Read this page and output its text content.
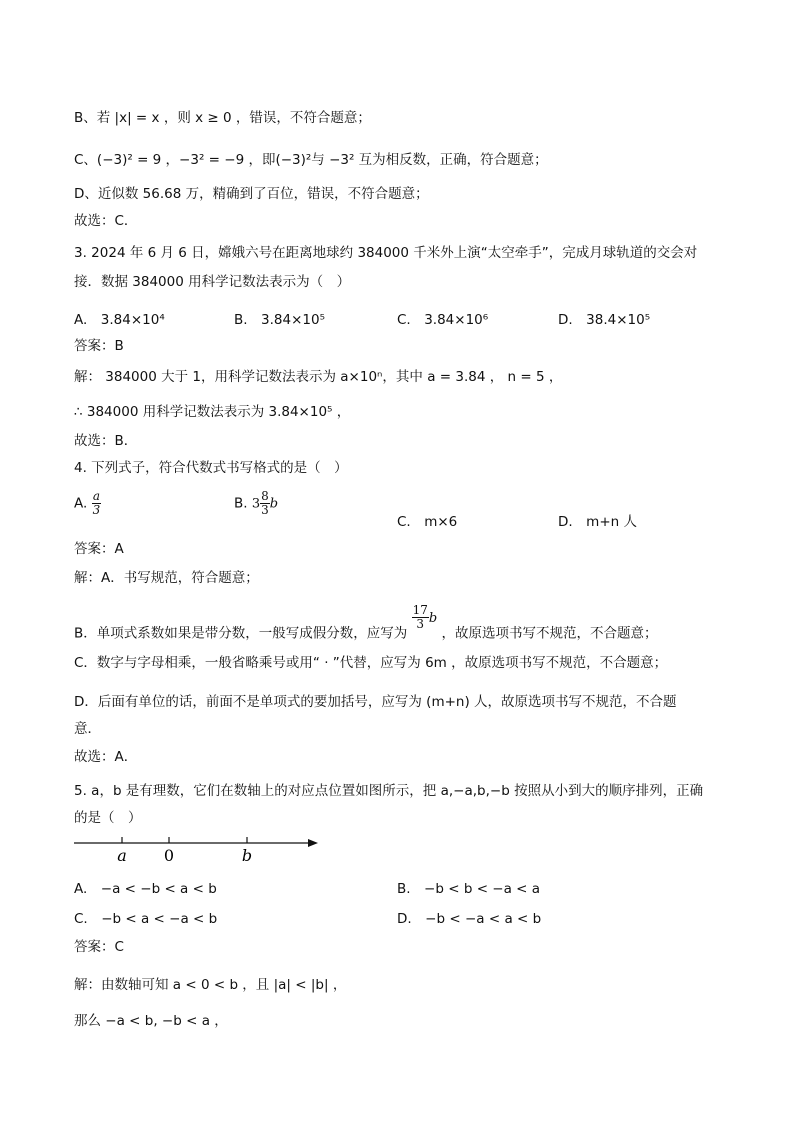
B、若 |x| = x ，则 x ≥ 0 ，错误，不符合题意；
C、(−3)² = 9 ，−3² = −9 ，即(−3)²与 −3² 互为相反数，正确，符合题意；
D、近似数 56.68 万，精确到了百位，错误，不符合题意；
故选：C．
3. 2024 年 6 月 6 日，嫦娥六号在距离地球约 384000 千米外上演“太空牵手”，完成月球轨道的交会对
接．数据 384000 用科学记数法表示为（　）
A.　3.84×10⁴	B.　3.84×10⁵	C.　3.84×10⁶	D.　38.4×10⁵
答案：B
解： 384000 大于 1，用科学记数法表示为 a×10ⁿ，其中 a = 3.84 ， n = 5 ，
∴ 384000 用科学记数法表示为 3.84×10⁵ ，
故选：B．
4. 下列式子，符合代数式书写格式的是（　）
A. $\frac{a}{3}$	B. $3 \frac{8}{3}$ b
C.　m×6	D.　m+n 人
答案：A
解：A．书写规范，符合题意；
B．单项式系数如果是带分数，一般写成假分数，应写为
$\frac{17}{3}$ b ，故原选项书写不规范，不合题意；
C．数字与字母相乘，一般省略乘号或用“ · ”代替，应写为 6m ，故原选项书写不规范，不合题意；
D．后面有单位的话，前面不是单项式的要加括号，应写为 (m+n) 人，故原选项书写不规范，不合题
意．
故选：A．
5. a，b 是有理数，它们在数轴上的对应点位置如图所示，把 a,−a,b,−b 按照从小到大的顺序排列，正确
的是（　）
a 0	b
A.　−a < −b < a < b	B.　−b < b < −a < a
C.　−b < a < −a < b	D.　−b < −a < a < b
答案：C
解：由数轴可知 a < 0 < b ，且 |a| < |b| ，
那么 −a < b, −b < a ，
